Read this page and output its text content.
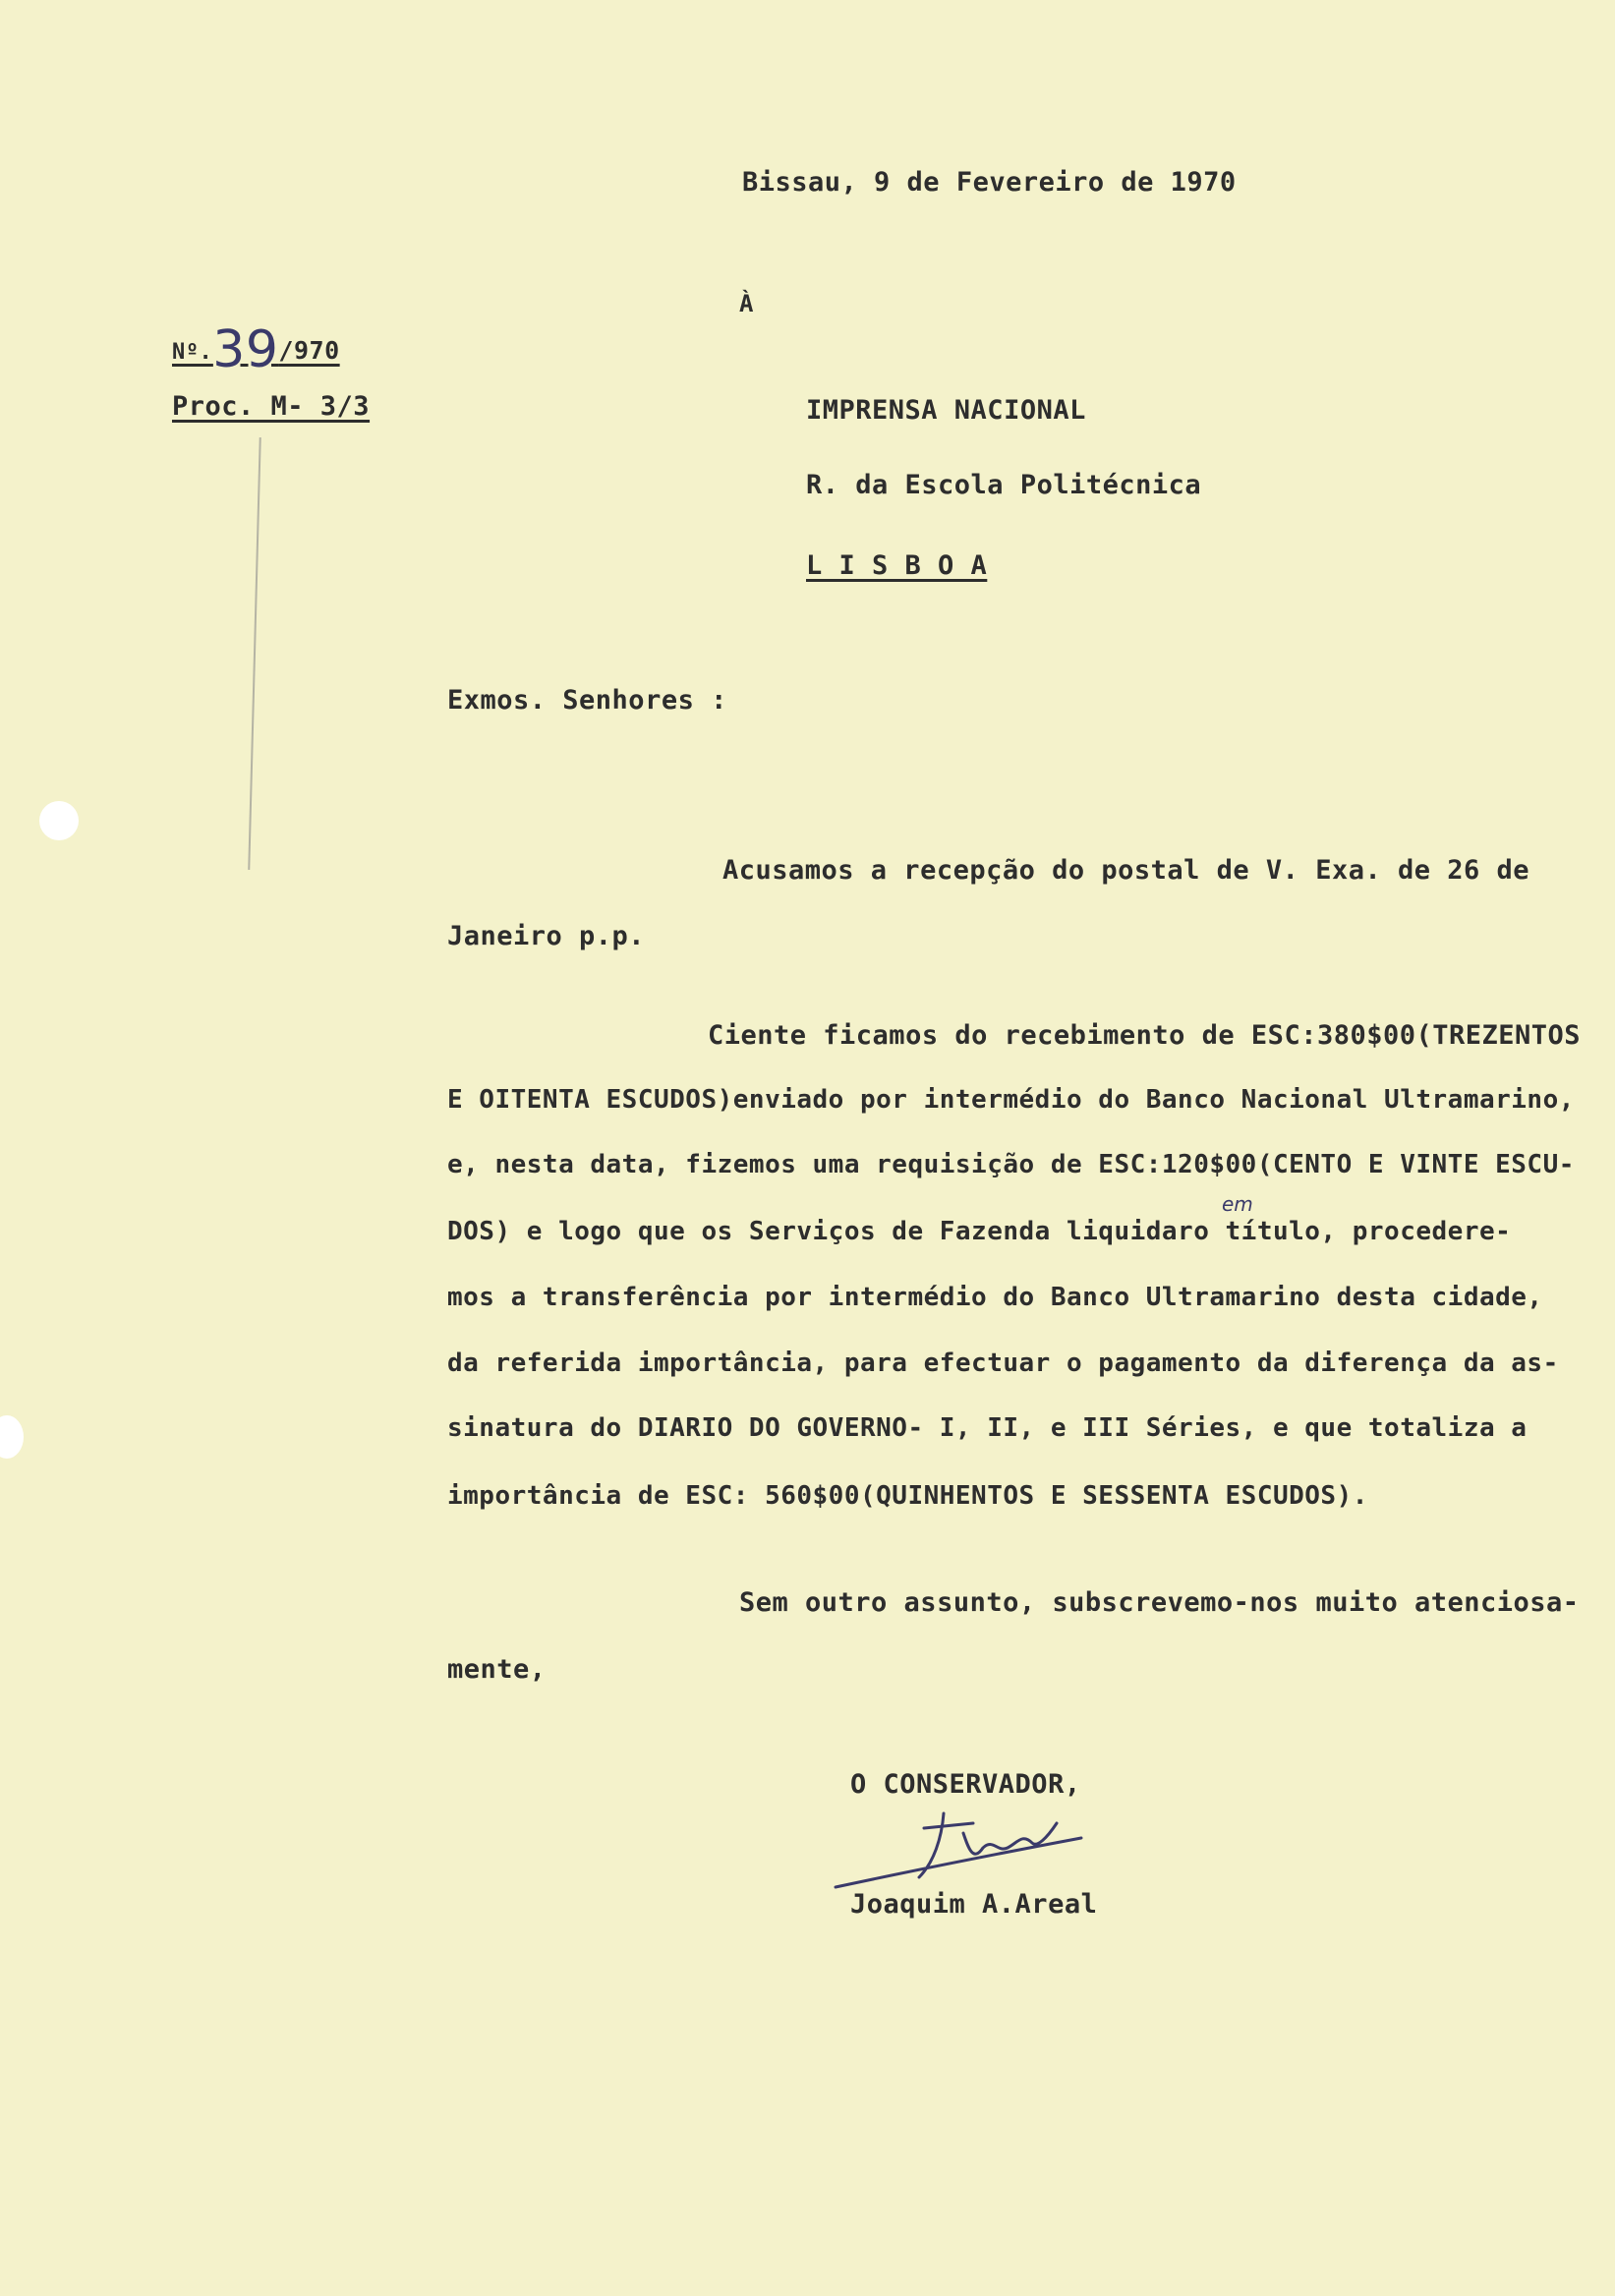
Bissau, 9 de Fevereiro de 1970
Nº.39/970
Proc. M- 3/3
À
IMPRENSA NACIONAL
R. da Escola Politécnica
L I S B O A
Exmos. Senhores :
Acusamos a recepção do postal de V. Exa. de 26 de
Janeiro p.p.
Ciente ficamos do recebimento de ESC:380$00(TREZENTOS
E OITENTA ESCUDOS)enviado por intermédio do Banco Nacional Ultramarino,
e, nesta data, fizemos uma requisição de ESC:120$00(CENTO E VINTE ESCU-
DOS) e logo que os Serviços de Fazenda liquidaro título, procedere-
em
mos a transferência por intermédio do Banco Ultramarino desta cidade,
da referida importância, para efectuar o pagamento da diferença da as-
sinatura do DIARIO DO GOVERNO- I, II, e III Séries, e que totaliza a
importância de ESC: 560$00(QUINHENTOS E SESSENTA ESCUDOS).
Sem outro assunto, subscrevemo-nos muito atenciosa-
mente,
O CONSERVADOR,
Joaquim A.Areal
